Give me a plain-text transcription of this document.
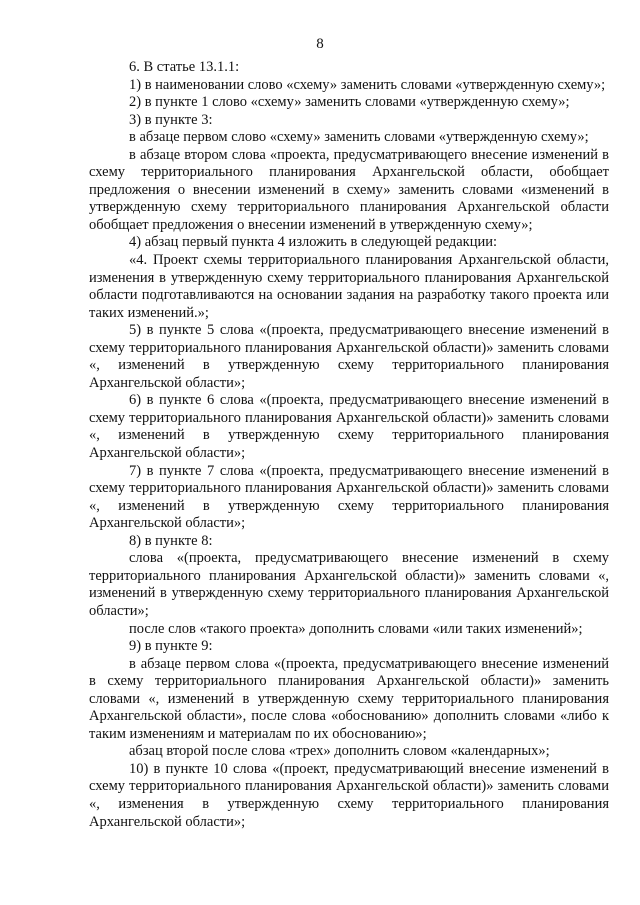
8

6. В статье 13.1.1:

1) в наименовании слово «схему» заменить словами «утвержденную схему»;

2) в пункте 1 слово «схему» заменить словами «утвержденную схему»;

3) в пункте 3:

в абзаце первом слово «схему» заменить словами «утвержденную схему»;

в абзаце втором слова «проекта, предусматривающего внесение изменений в схему территориального планирования Архангельской области, обобщает предложения о внесении изменений в схему» заменить словами «изменений в утвержденную схему территориального планирования Архангельской области обобщает предложения о внесении изменений в утвержденную схему»;

4) абзац первый пункта 4 изложить в следующей редакции:

«4. Проект схемы территориального планирования Архангельской области, изменения в утвержденную схему территориального планирования Архангельской области подготавливаются на основании задания на разработку такого проекта или таких изменений.»;

5) в пункте 5 слова «(проекта, предусматривающего внесение изменений в схему территориального планирования Архангельской области)» заменить словами «, изменений в утвержденную схему территориального планирования Архангельской области»;

6) в пункте 6 слова «(проекта, предусматривающего внесение изменений в схему территориального планирования Архангельской области)» заменить словами «, изменений в утвержденную схему территориального планирования Архангельской области»;

7) в пункте 7 слова «(проекта, предусматривающего внесение изменений в схему территориального планирования Архангельской области)» заменить словами «, изменений в утвержденную схему территориального планирования Архангельской области»;

8) в пункте 8:

слова «(проекта, предусматривающего внесение изменений в схему территориального планирования Архангельской области)» заменить словами «, изменений в утвержденную схему территориального планирования Архангельской области»;

после слов «такого проекта» дополнить словами «или таких изменений»;

9) в пункте 9:

в абзаце первом слова «(проекта, предусматривающего внесение изменений в схему территориального планирования Архангельской области)» заменить словами «, изменений в утвержденную схему территориального планирования Архангельской области», после слова «обоснованию» дополнить словами «либо к таким изменениям и материалам по их обоснованию»;

абзац второй после слова «трех» дополнить словом «календарных»;

10) в пункте 10 слова «(проект, предусматривающий внесение изменений в схему территориального планирования Архангельской области)» заменить словами «, изменения в утвержденную схему территориального планирования Архангельской области»;
